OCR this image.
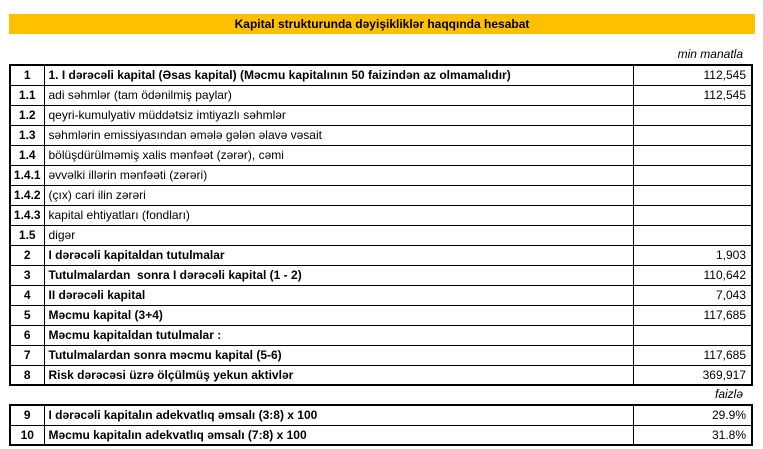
Kapital strukturunda dəyişikliklər haqqında hesabat
min manatla
1	1. I dərəcəli kapital (Əsas kapital) (Məcmu kapitalının 50 faizindən az olmamalıdır)	112,545
1.1	adi səhmlər (tam ödənilmiş paylar)	112,545
1.2	qeyri-kumulyativ müddətsiz imtiyazlı səhmlər	
1.3	səhmlərin emissiyasından əmələ gələn əlavə vəsait	
1.4	bölüşdürülməmiş xalis mənfəət (zərər), cəmi	
1.4.1	əvvəlki illərin mənfəəti (zərəri)	
1.4.2	(çıx) cari ilin zərəri	
1.4.3	kapital ehtiyatları (fondları)	
1.5	digər	
2	I dərəcəli kapitaldan tutulmalar	1,903
3	Tutulmalardan  sonra I dərəcəli kapital (1 - 2)	110,642
4	II dərəcəli kapital	7,043
5	Məcmu kapital (3+4)	117,685
6	Məcmu kapitaldan tutulmalar :	
7	Tutulmalardan sonra məcmu kapital (5-6)	117,685
8	Risk dərəcəsi üzrə ölçülmüş yekun aktivlər	369,917
faizlə
9	I dərəcəli kapitalın adekvatlıq əmsalı (3:8) x 100	29.9%
10	Məcmu kapitalın adekvatlıq əmsalı (7:8) x 100	31.8%
